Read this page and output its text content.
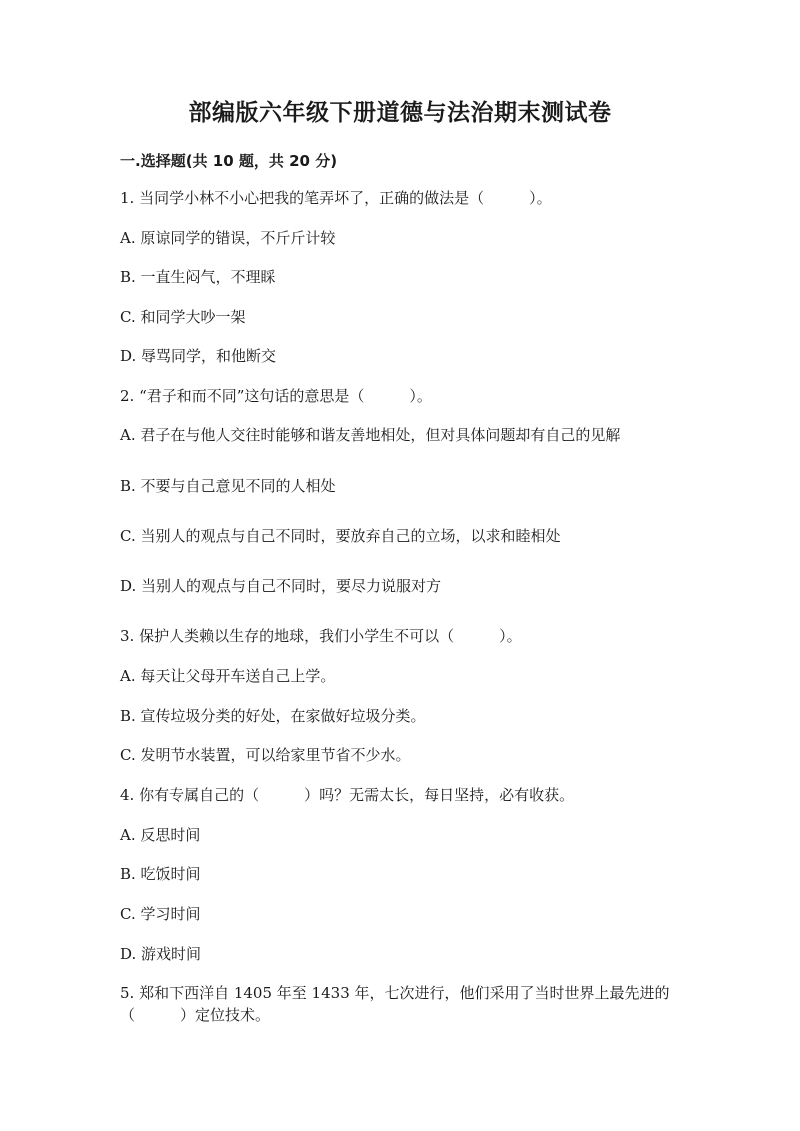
部编版六年级下册道德与法治期末测试卷
一.选择题(共 10 题，共 20 分)
1. 当同学小林不小心把我的笔弄坏了，正确的做法是（　　　）。
A. 原谅同学的错误，不斤斤计较
B. 一直生闷气，不理睬
C. 和同学大吵一架
D. 辱骂同学，和他断交
2. “君子和而不同”这句话的意思是（　　　）。
A. 君子在与他人交往时能够和谐友善地相处，但对具体问题却有自己的见解
B. 不要与自己意见不同的人相处
C. 当别人的观点与自己不同时，要放弃自己的立场，以求和睦相处
D. 当别人的观点与自己不同时，要尽力说服对方
3. 保护人类赖以生存的地球，我们小学生不可以（　　　）。
A. 每天让父母开车送自己上学。
B. 宣传垃圾分类的好处，在家做好垃圾分类。
C. 发明节水装置，可以给家里节省不少水。
4. 你有专属自己的（　　　）吗？无需太长，每日坚持，必有收获。
A. 反思时间
B. 吃饭时间
C. 学习时间
D. 游戏时间
5. 郑和下西洋自 1405 年至 1433 年，七次进行，他们采用了当时世界上最先进的（　　　）定位技术。
